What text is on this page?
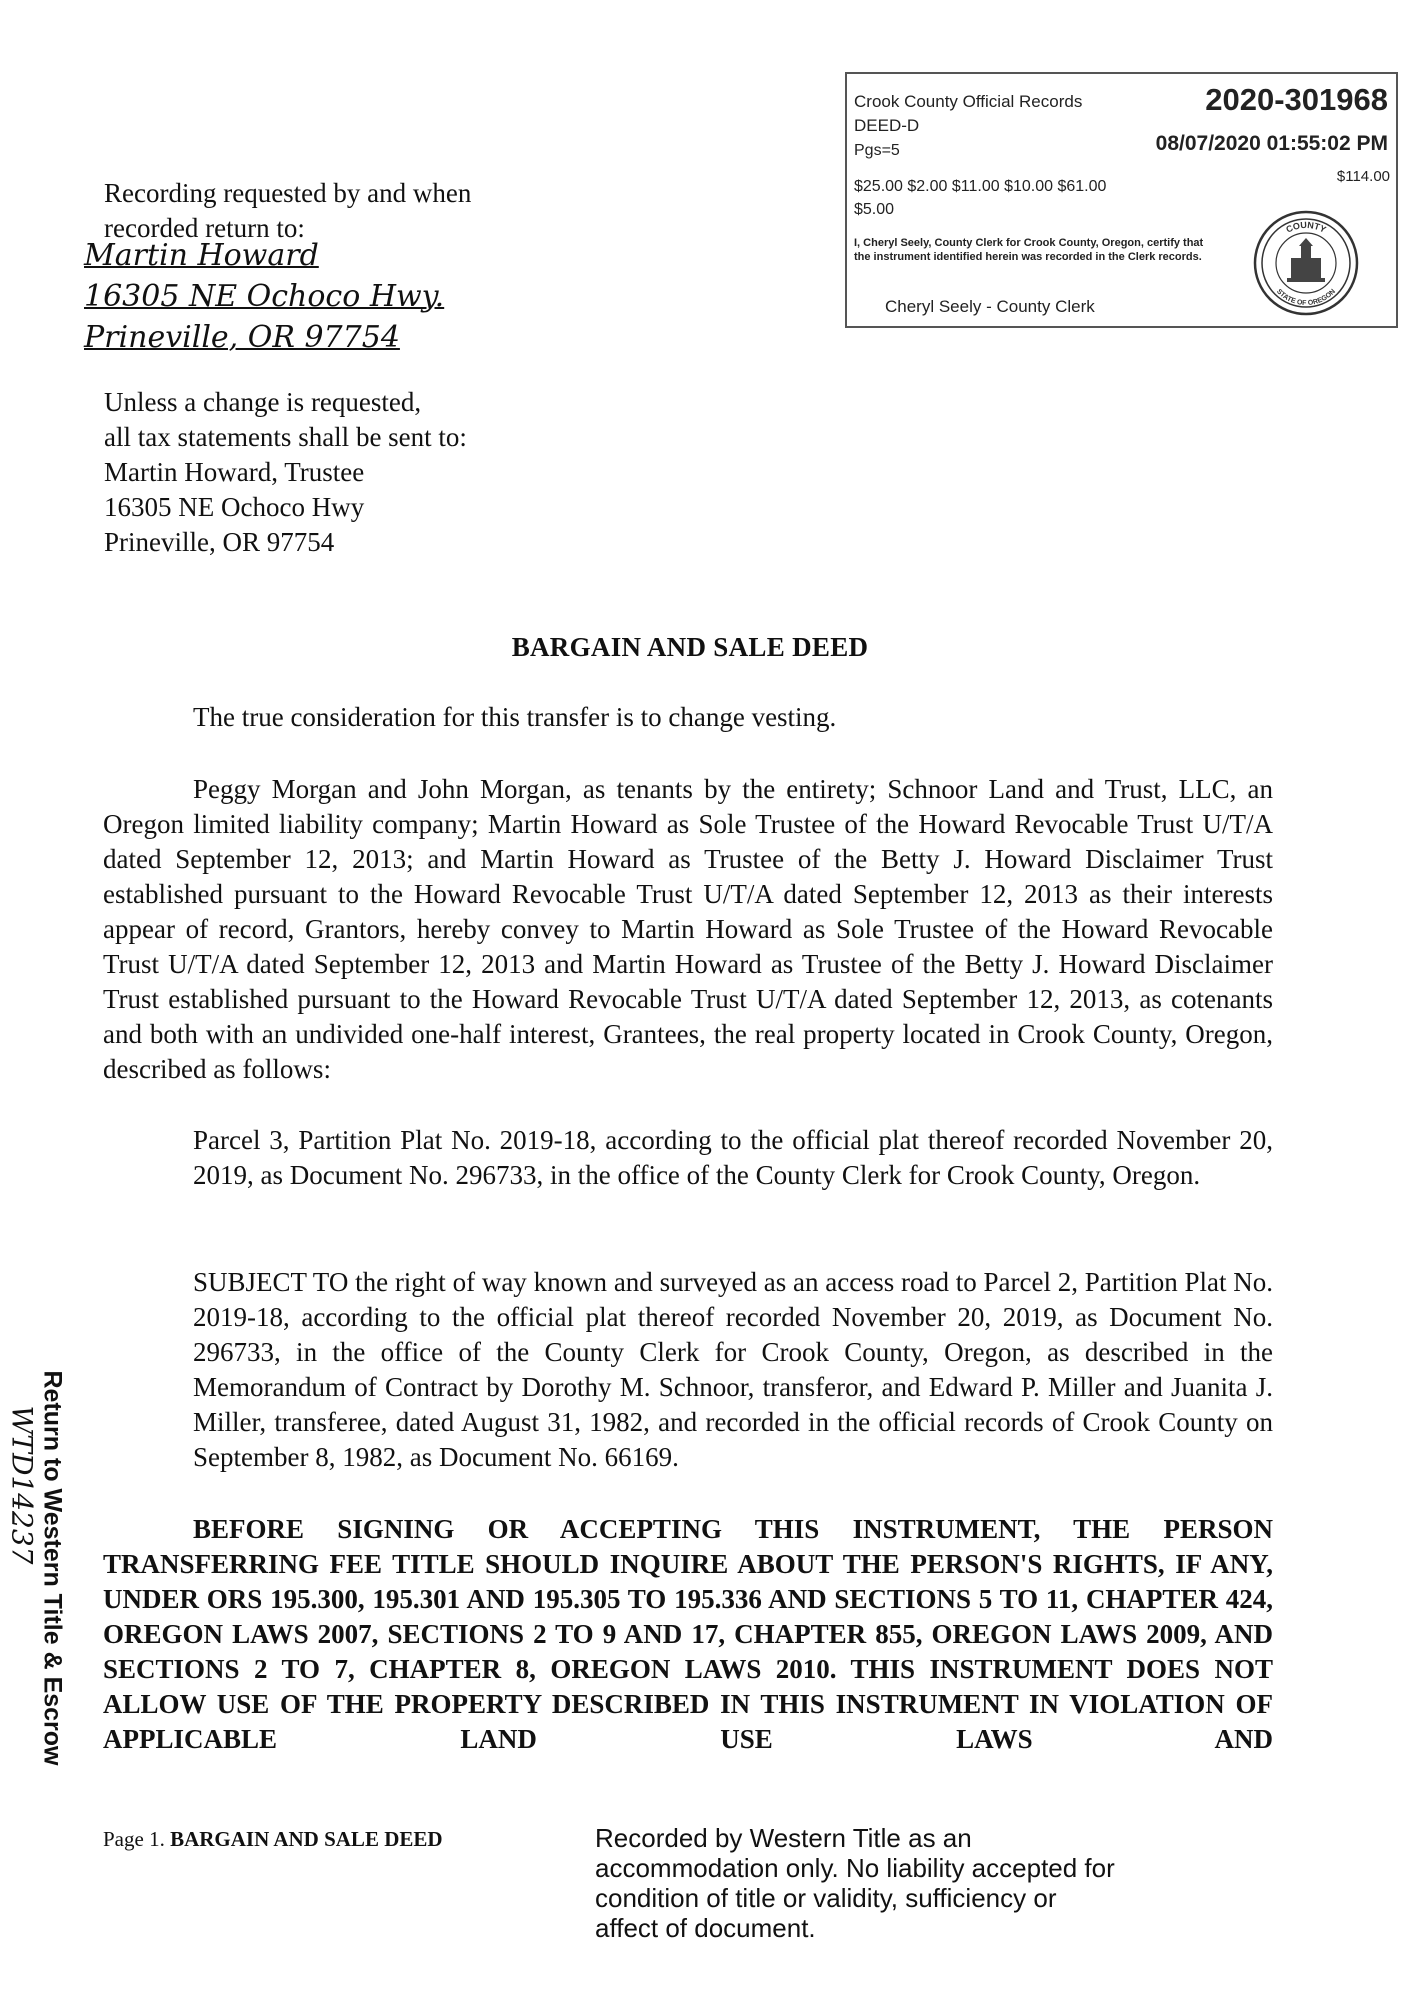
Crook County Official Records	2020-301968
DEED-D
Pgs=5	08/07/2020 01:55:02 PM
$25.00 $2.00 $11.00 $10.00 $61.00
$5.00
$114.00
I, Cheryl Seely, County Clerk for Crook County, Oregon, certify that the instrument identified herein was recorded in the Clerk records.
Cheryl Seely - County Clerk
COUNTY
STATE OF OREGON
Recording requested by and when
recorded return to:
Martin Howard
16305 NE Ochoco Hwy.
Prineville, OR 97754
Unless a change is requested,
all tax statements shall be sent to:
Martin Howard, Trustee
16305 NE Ochoco Hwy
Prineville, OR 97754
BARGAIN AND SALE DEED
The true consideration for this transfer is to change vesting.
Peggy Morgan and John Morgan, as tenants by the entirety; Schnoor Land and Trust, LLC, an Oregon limited liability company; Martin Howard as Sole Trustee of the Howard Revocable Trust U/T/A dated September 12, 2013; and Martin Howard as Trustee of the Betty J. Howard Disclaimer Trust established pursuant to the Howard Revocable Trust U/T/A dated September 12, 2013 as their interests appear of record, Grantors, hereby convey to Martin Howard as Sole Trustee of the Howard Revocable Trust U/T/A dated September 12, 2013 and Martin Howard as Trustee of the Betty J. Howard Disclaimer Trust established pursuant to the Howard Revocable Trust U/T/A dated September 12, 2013, as cotenants and both with an undivided one-half interest, Grantees, the real property located in Crook County, Oregon, described as follows:
Parcel 3, Partition Plat No. 2019-18, according to the official plat thereof recorded November 20, 2019, as Document No. 296733, in the office of the County Clerk for Crook County, Oregon.
SUBJECT TO the right of way known and surveyed as an access road to Parcel 2, Partition Plat No. 2019-18, according to the official plat thereof recorded November 20, 2019, as Document No. 296733, in the office of the County Clerk for Crook County, Oregon, as described in the Memorandum of Contract by Dorothy M. Schnoor, transferor, and Edward P. Miller and Juanita J. Miller, transferee, dated August 31, 1982, and recorded in the official records of Crook County on September 8, 1982, as Document No. 66169.
BEFORE SIGNING OR ACCEPTING THIS INSTRUMENT, THE PERSON TRANSFERRING FEE TITLE SHOULD INQUIRE ABOUT THE PERSON'S RIGHTS, IF ANY, UNDER ORS 195.300, 195.301 AND 195.305 TO 195.336 AND SECTIONS 5 TO 11, CHAPTER 424, OREGON LAWS 2007, SECTIONS 2 TO 9 AND 17, CHAPTER 855, OREGON LAWS 2009, AND SECTIONS 2 TO 7, CHAPTER 8, OREGON LAWS 2010. THIS INSTRUMENT DOES NOT ALLOW USE OF THE PROPERTY DESCRIBED IN THIS INSTRUMENT IN VIOLATION OF APPLICABLE LAND USE LAWS AND
Page 1. BARGAIN AND SALE DEED	Recorded by Western Title as an accommodation only. No liability accepted for condition of title or validity, sufficiency or affect of document.
Return to Western Title & Escrow
WTD14237
